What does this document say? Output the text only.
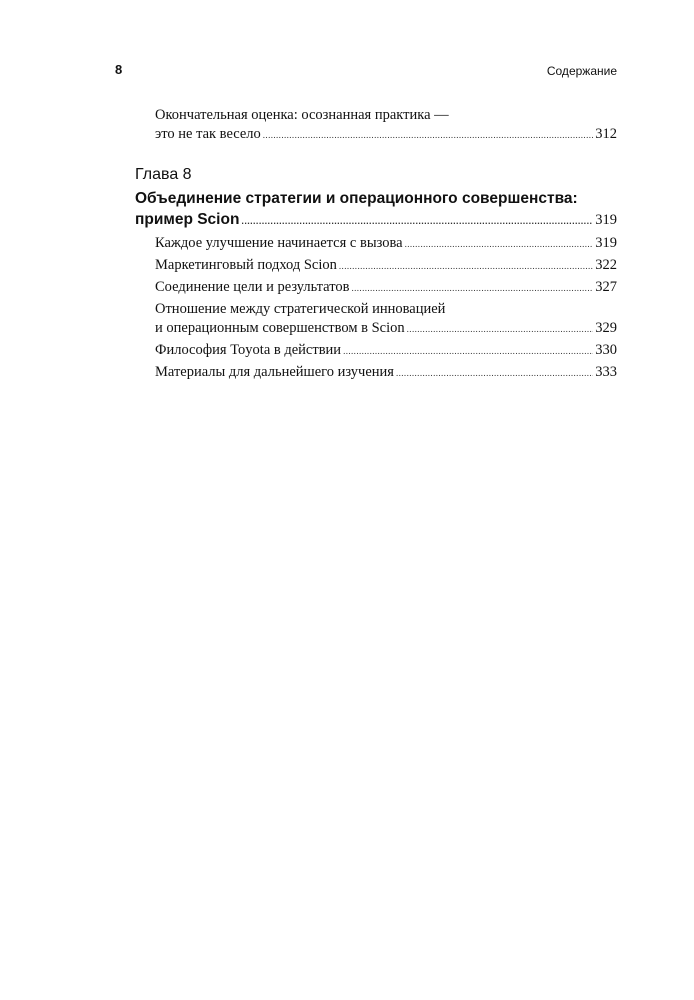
8	Содержание
Окончательная оценка: осознанная практика —
это не так весело .....	312
Глава 8
Объединение стратегии и операционного совершенства:
пример Scion .....	319
Каждое улучшение начинается с вызова .....	319
Маркетинговый подход Scion .....	322
Соединение цели и результатов .....	327
Отношение между стратегической инновацией
и операционным совершенством в Scion .....	329
Философия Toyota в действии .....	330
Материалы для дальнейшего изучения .....	333
